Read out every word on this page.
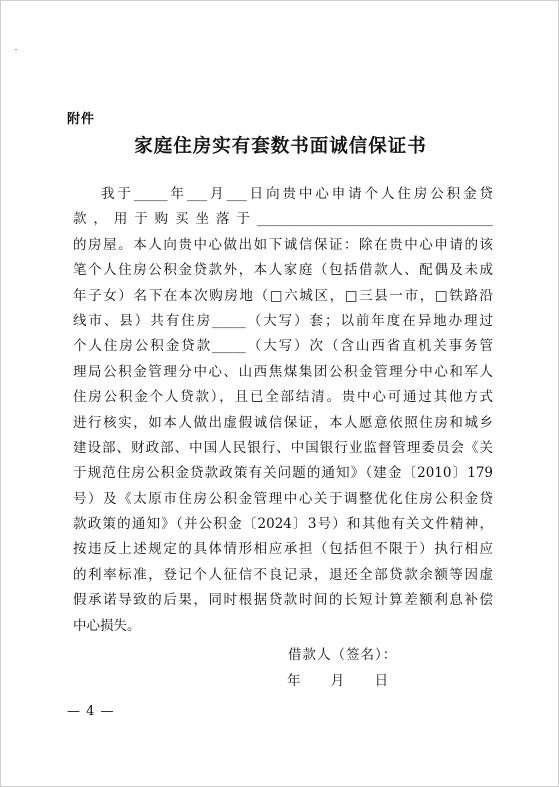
附件
家庭住房实有套数书面诚信保证书
我于_____年___月___日向贵中心申请个人住房公积金贷
款，用于购买坐落于___________________________________
的房屋。本人向贵中心做出如下诚信保证：除在贵中心申请的该
笔个人住房公积金贷款外，本人家庭（包括借款人、配偶及未成
年子女）名下在本次购房地（□六城区，□三县一市，□铁路沿
线市、县）共有住房_____（大写）套；以前年度在异地办理过
个人住房公积金贷款_____（大写）次（含山西省直机关事务管
理局公积金管理分中心、山西焦煤集团公积金管理分中心和军人
住房公积金个人贷款），且已全部结清。贵中心可通过其他方式
进行核实，如本人做出虚假诚信保证，本人愿意依照住房和城乡
建设部、财政部、中国人民银行、中国银行业监督管理委员会《关
于规范住房公积金贷款政策有关问题的通知》（建金〔2010〕179
号）及《太原市住房公积金管理中心关于调整优化住房公积金贷
款政策的通知》（并公积金〔2024〕3号）和其他有关文件精神，
按违反上述规定的具体情形相应承担（包括但不限于）执行相应
的利率标准，登记个人征信不良记录，退还全部贷款余额等因虚
假承诺导致的后果，同时根据贷款时间的长短计算差额利息补偿
中心损失。
借款人（签名）：
年 月 日
— 4 —
